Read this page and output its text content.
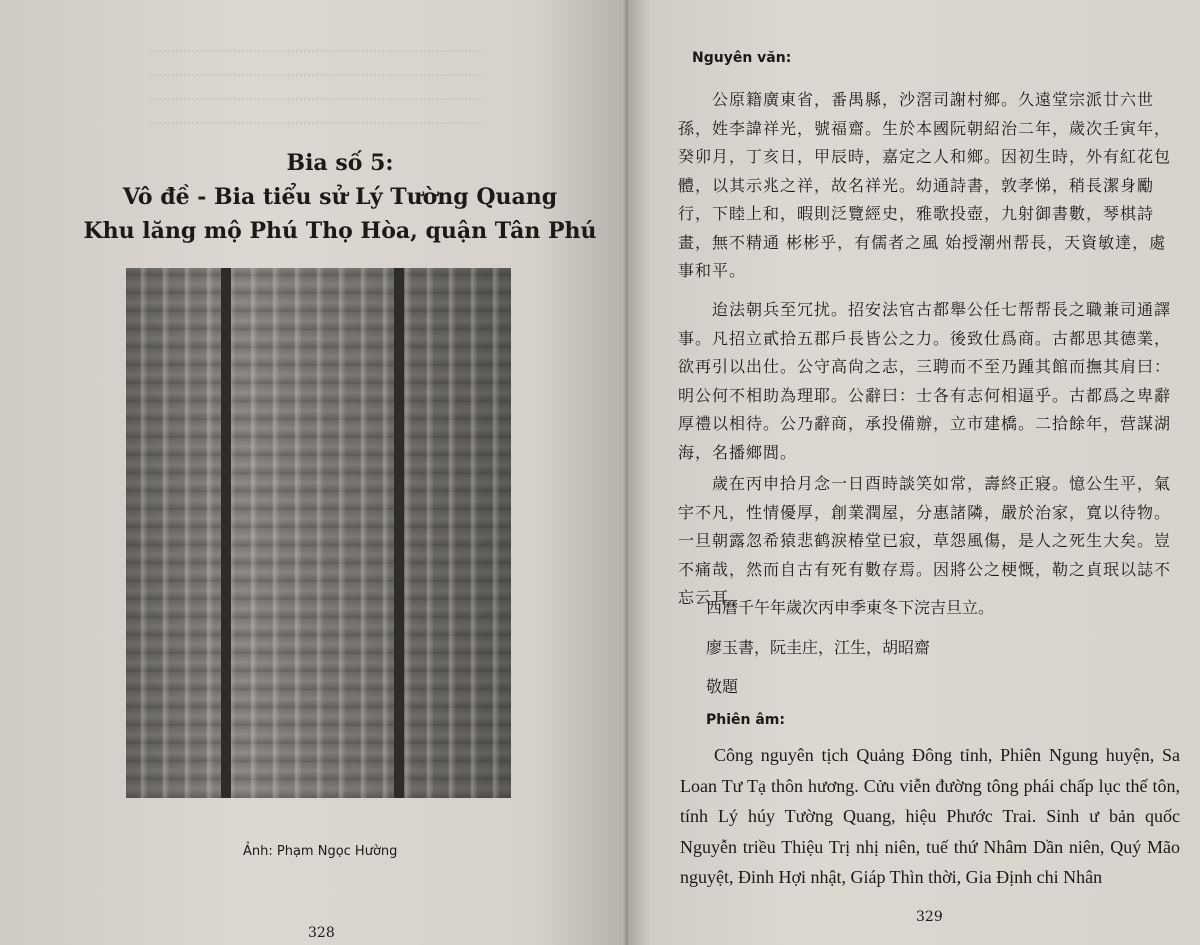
.................................................................................
.................................................................................
.................................................................................
.................................................................................
Bia số 5:
Vô đề - Bia tiểu sử Lý Tường Quang
Khu lăng mộ Phú Thọ Hòa, quận Tân Phú
Ảnh: Phạm Ngọc Hường
328
Nguyên văn:

公原籍廣東省，番禺縣，沙滘司謝村鄉。久遠堂宗派廿六世孫，姓李諱祥光，號福齋。生於本國阮朝紹治二年，歲次壬寅年，癸卯月，丁亥日，甲辰時，嘉定之人和鄉。因初生時，外有紅花包體，以其示兆之祥，故名祥光。幼通詩書，敦孝悌，稍長潔身勵行，下睦上和，暇則泛覽經史，雅歌投壺，九射御書數，琴棋詩畫，無不精通 彬彬乎，有儒者之風 始授潮州帮長，天資敏達，處事和平。

迨法朝兵至冗扰。招安法官古都舉公任七帮帮長之職兼司通譯事。凡招立貳拾五郡戶長皆公之力。後致仕爲商。古都思其德業，欲再引以出仕。公守高尙之志，三聘而不至乃踵其館而撫其肩曰：明公何不相助為理耶。公辭曰：士各有志何相逼乎。古都爲之卑辭厚禮以相待。公乃辭商，承投備辦，立市建橋。二拾餘年，营謀湖海，名播鄉閭。

歲在丙申拾月念一日酉時談笑如常，壽終正寢。憶公生平，氣宇不凡，性情優厚，創業潤屋，分惠諸隣，嚴於治家，寬以待物。一旦朝露忽希猿悲鹤淚椿堂已寂，草怨風傷，是人之死生大矣。豈不痛哉，然而自古有死有數存焉。因將公之梗慨，勒之貞珉以誌不忘云耳。

西曆千午年歲次丙申季東冬下浣吉旦立。
廖玉書，阮圭庄，江生，胡昭齋
敬題
Phiên âm:
Công nguyên tịch Quảng Đông tỉnh, Phiên Ngung huyện, Sa Loan Tư Tạ thôn hương. Cửu viễn đường tông phái chấp lục thế tôn, tính Lý húy Tường Quang, hiệu Phước Trai. Sinh ư bản quốc Nguyễn triều Thiệu Trị nhị niên, tuế thứ Nhâm Dần niên, Quý Mão nguyệt, Đinh Hợi nhật, Giáp Thìn thời, Gia Định chi Nhân
329
